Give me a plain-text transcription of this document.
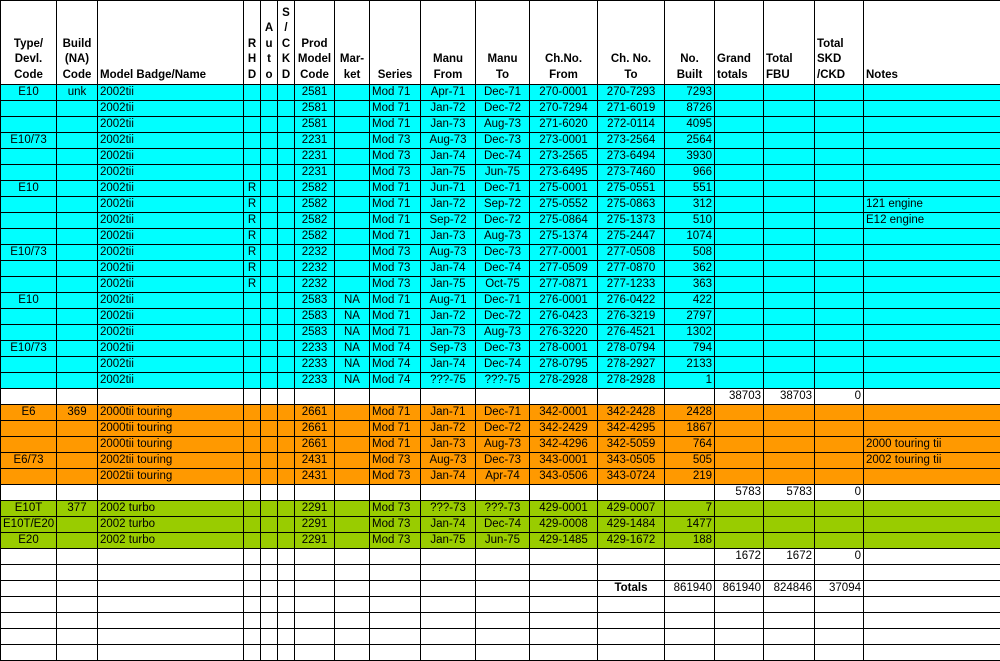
Type/
Devl.
Code	Build
(NA)
Code	Model Badge/Name	R
H
D	A
u
t
o	S
/
C
K
D	Prod
Model
Code	Mar-
ket	Series	Manu
From	Manu
To	Ch.No.
From	Ch. No.
To	No.
Built	Grand
totals	Total
FBU	Total
SKD
/CKD	Notes
E10	unk	2002tii				2581		Mod 71	Apr-71	Dec-71	270-0001	270-7293	7293				
		2002tii				2581		Mod 71	Jan-72	Dec-72	270-7294	271-6019	8726				
		2002tii				2581		Mod 71	Jan-73	Aug-73	271-6020	272-0114	4095				
E10/73		2002tii				2231		Mod 73	Aug-73	Dec-73	273-0001	273-2564	2564				
		2002tii				2231		Mod 73	Jan-74	Dec-74	273-2565	273-6494	3930				
		2002tii				2231		Mod 73	Jan-75	Jun-75	273-6495	273-7460	966				
E10		2002tii	R			2582		Mod 71	Jun-71	Dec-71	275-0001	275-0551	551				
		2002tii	R			2582		Mod 71	Jan-72	Sep-72	275-0552	275-0863	312				121 engine
		2002tii	R			2582		Mod 71	Sep-72	Dec-72	275-0864	275-1373	510				E12 engine
		2002tii	R			2582		Mod 71	Jan-73	Aug-73	275-1374	275-2447	1074				
E10/73		2002tii	R			2232		Mod 73	Aug-73	Dec-73	277-0001	277-0508	508				
		2002tii	R			2232		Mod 73	Jan-74	Dec-74	277-0509	277-0870	362				
		2002tii	R			2232		Mod 73	Jan-75	Oct-75	277-0871	277-1233	363				
E10		2002tii				2583	NA	Mod 71	Aug-71	Dec-71	276-0001	276-0422	422				
		2002tii				2583	NA	Mod 71	Jan-72	Dec-72	276-0423	276-3219	2797				
		2002tii				2583	NA	Mod 71	Jan-73	Aug-73	276-3220	276-4521	1302				
E10/73		2002tii				2233	NA	Mod 74	Sep-73	Dec-73	278-0001	278-0794	794				
		2002tii				2233	NA	Mod 74	Jan-74	Dec-74	278-0795	278-2927	2133				
		2002tii				2233	NA	Mod 74	???-75	???-75	278-2928	278-2928	1				
														38703	38703	0	
E6	369	2000tii touring				2661		Mod 71	Jan-71	Dec-71	342-0001	342-2428	2428				
		2000tii touring				2661		Mod 71	Jan-72	Dec-72	342-2429	342-4295	1867				
		2000tii touring				2661		Mod 71	Jan-73	Aug-73	342-4296	342-5059	764				2000 touring tii
E6/73		2002tii touring				2431		Mod 73	Aug-73	Dec-73	343-0001	343-0505	505				2002 touring tii
		2002tii touring				2431		Mod 73	Jan-74	Apr-74	343-0506	343-0724	219				
														5783	5783	0	
E10T	377	2002 turbo				2291		Mod 73	???-73	???-73	429-0001	429-0007	7				
E10T/E20		2002 turbo				2291		Mod 73	Jan-74	Dec-74	429-0008	429-1484	1477				
E20		2002 turbo				2291		Mod 73	Jan-75	Jun-75	429-1485	429-1672	188				
														1672	1672	0	

												Totals	861940	861940	824846	37094	
